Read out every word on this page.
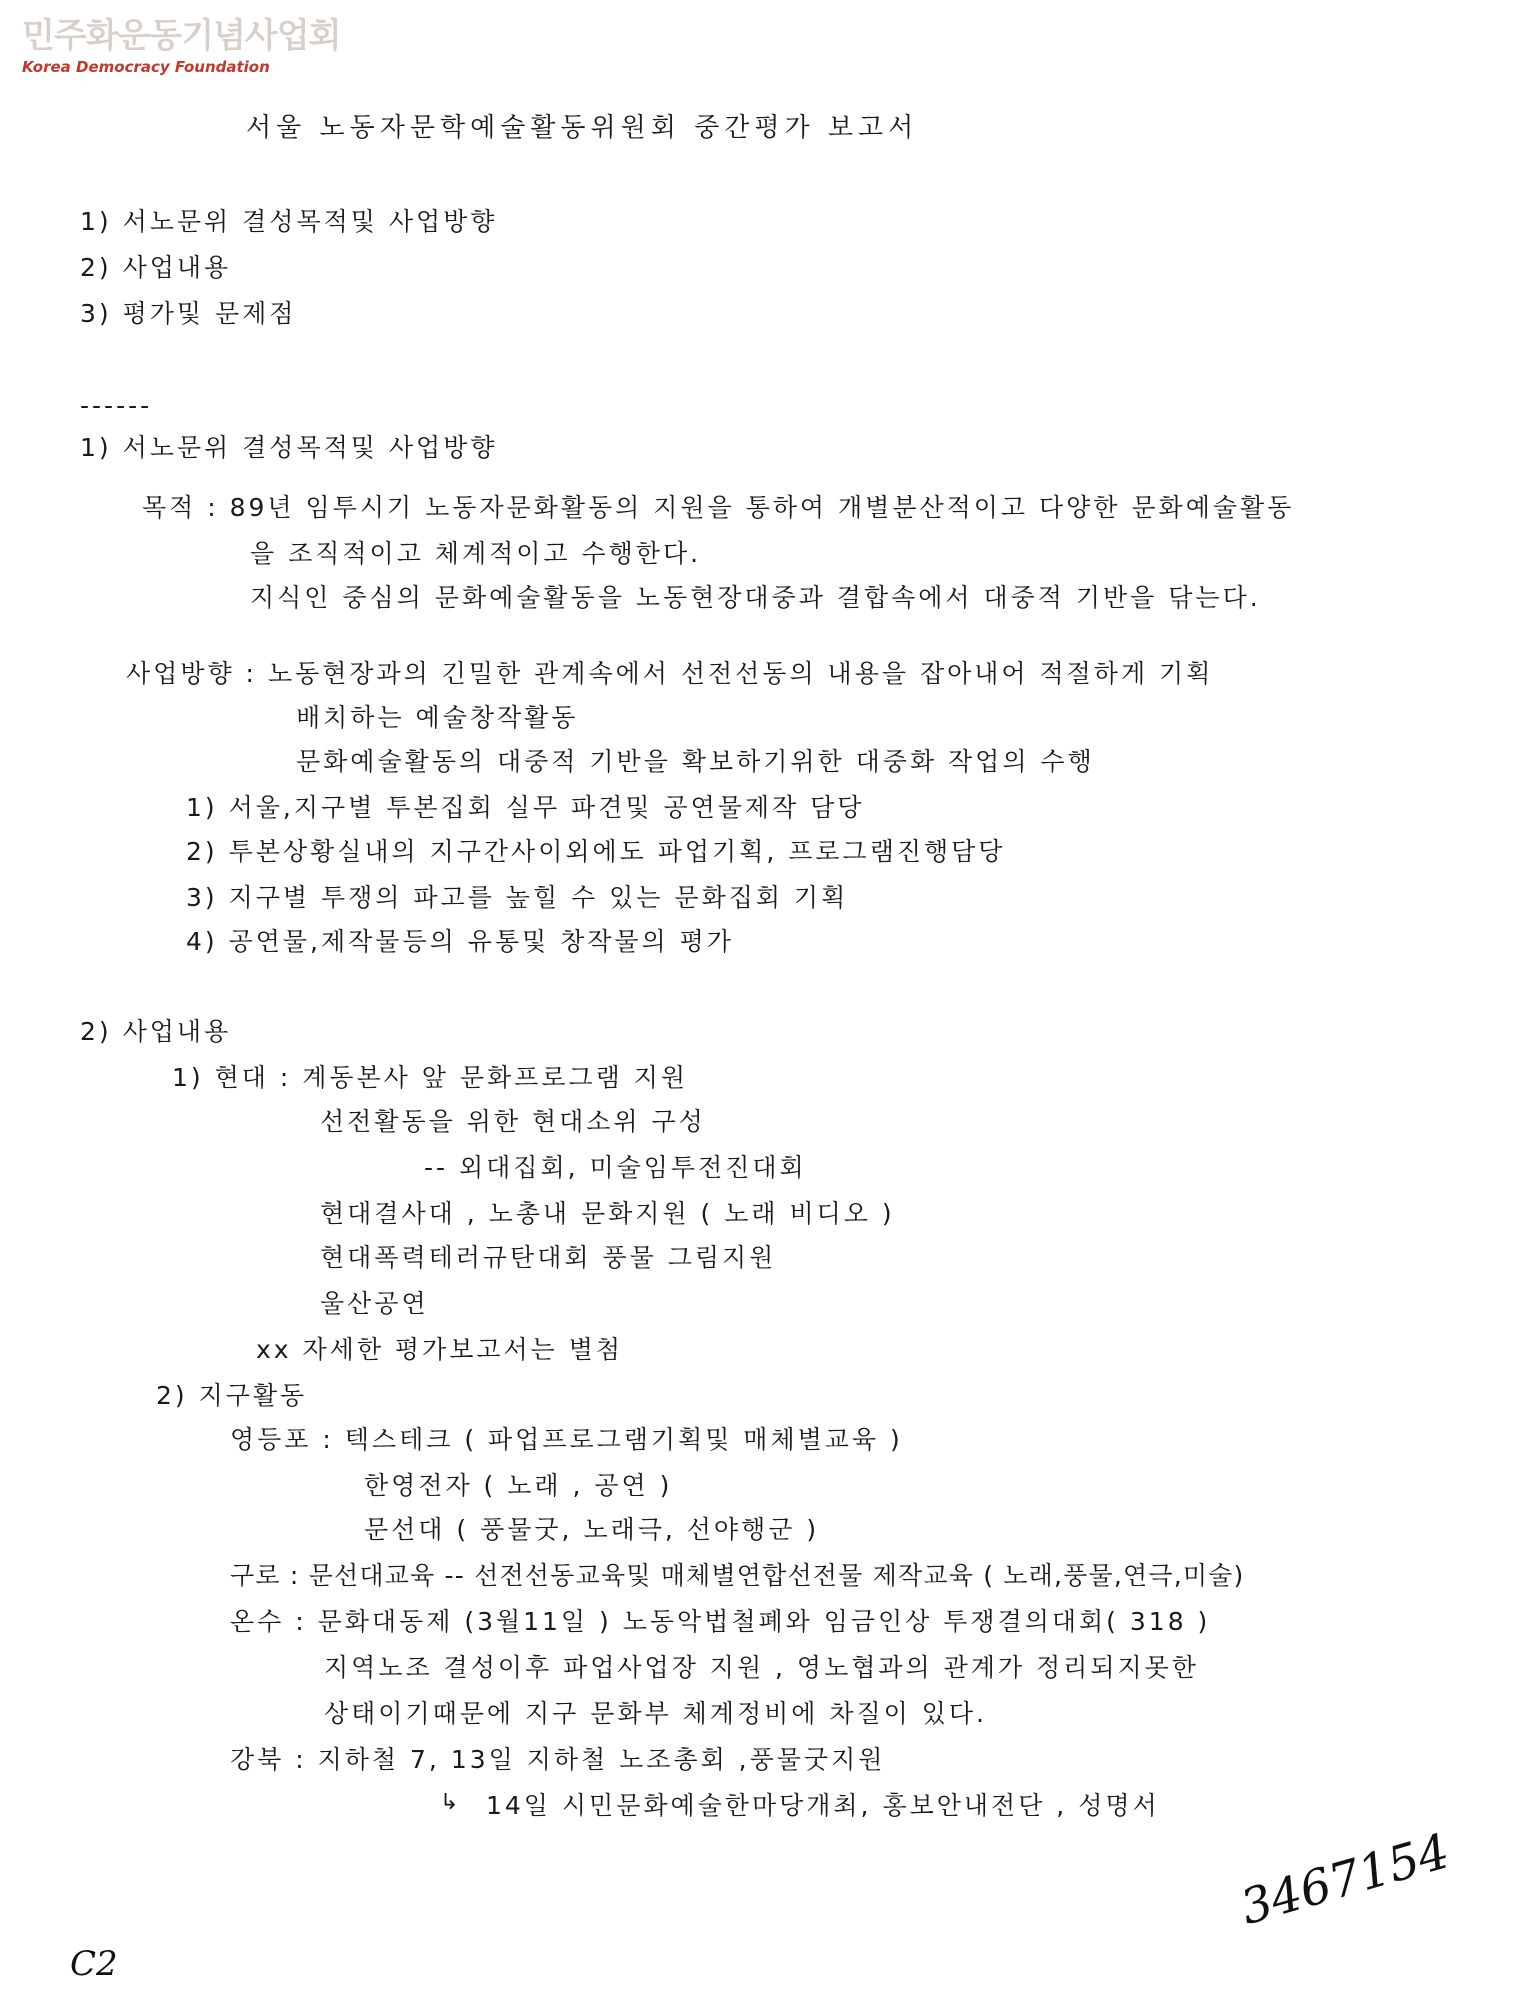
민주화운동기념사업회
Korea Democracy Foundation
서울 노동자문학예술활동위원회 중간평가 보고서
1) 서노문위 결성목적및 사업방향
2) 사업내용
3) 평가및 문제점
------
1) 서노문위 결성목적및 사업방향
목적 : 89년 임투시기 노동자문화활동의 지원을 통하여 개별분산적이고 다양한 문화예술활동
을 조직적이고 체계적이고 수행한다.
지식인 중심의 문화예술활동을 노동현장대중과 결합속에서 대중적 기반을 닦는다.
사업방향 : 노동현장과의 긴밀한 관계속에서 선전선동의 내용을 잡아내어 적절하게 기획
배치하는 예술창작활동
문화예술활동의 대중적 기반을 확보하기위한 대중화 작업의 수행
1) 서울,지구별 투본집회 실무 파견및 공연물제작 담당
2) 투본상황실내의 지구간사이외에도 파업기획, 프로그램진행담당
3) 지구별 투쟁의 파고를 높힐 수 있는 문화집회 기획
4) 공연물,제작물등의 유통및 창작물의 평가
2) 사업내용
1) 현대 : 계동본사 앞 문화프로그램 지원
선전활동을 위한 현대소위 구성
-- 외대집회, 미술임투전진대회
현대결사대 , 노총내 문화지원 ( 노래 비디오 )
현대폭력테러규탄대회 풍물 그림지원
울산공연
xx 자세한 평가보고서는 별첨
2) 지구활동
영등포 : 텍스테크 ( 파업프로그램기획및 매체별교육 )
한영전자 ( 노래 , 공연 )
문선대 ( 풍물굿, 노래극, 선야행군 )
구로 : 문선대교육 -- 선전선동교육및 매체별연합선전물 제작교육 ( 노래,풍물,연극,미술)
온수 : 문화대동제 (3월11일 ) 노동악법철폐와 임금인상 투쟁결의대회( 318 )
지역노조 결성이후 파업사업장 지원 , 영노협과의 관계가 정리되지못한
상태이기때문에 지구 문화부 체계정비에 차질이 있다.
강북 : 지하철 7, 13일 지하철 노조총회 ,풍물굿지원
↳ 14일 시민문화예술한마당개최, 홍보안내전단 , 성명서
C2
3467154
